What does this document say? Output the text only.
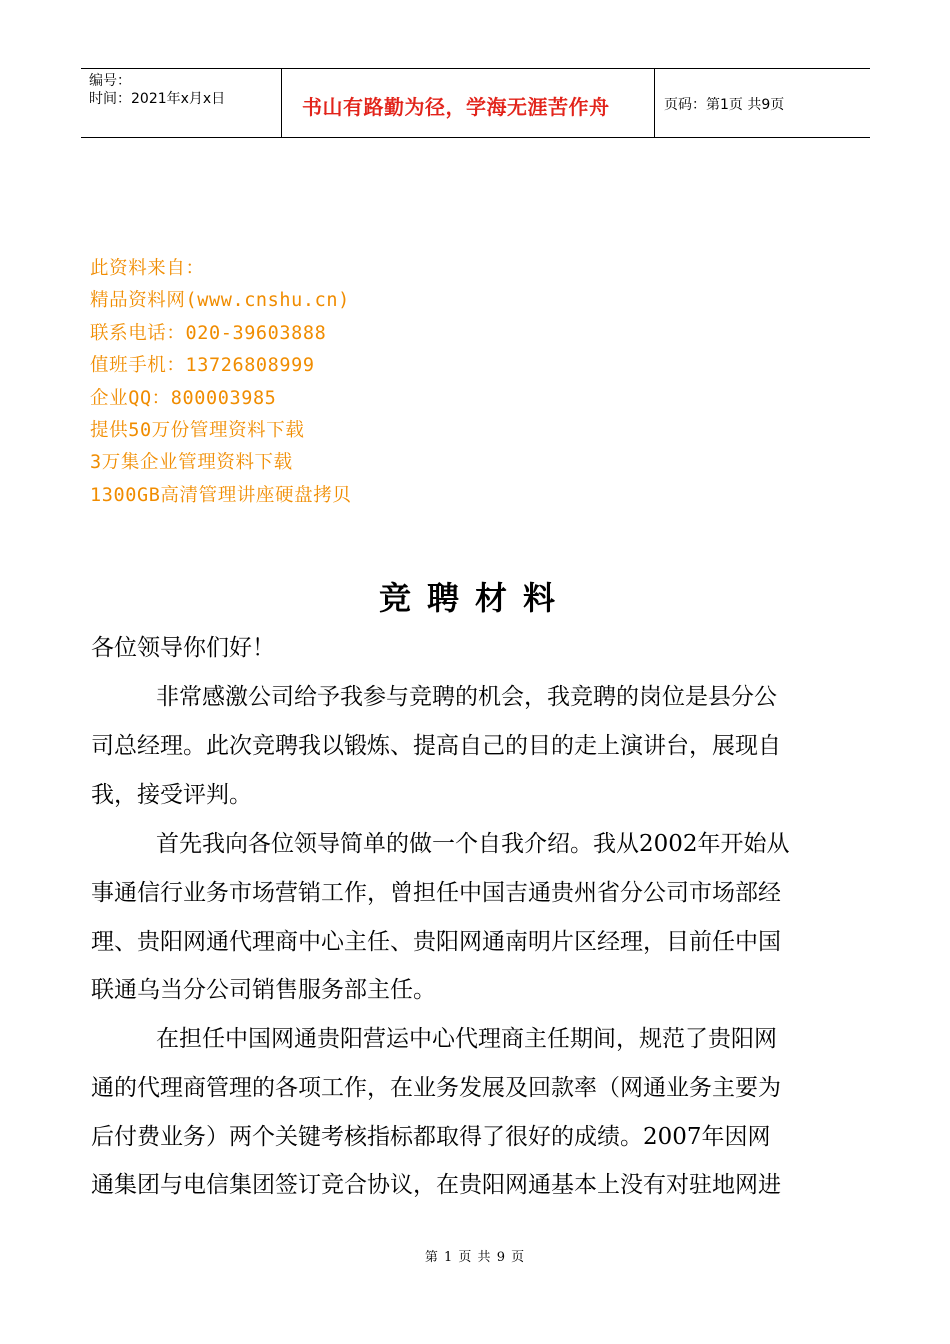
编号：
时间：2021年x月x日	书山有路勤为径，学海无涯苦作舟	页码：第1页 共9页
此资料来自：
精品资料网(www.cnshu.cn)
联系电话：020-39603888
值班手机：13726808999
企业QQ：800003985
提供50万份管理资料下载
3万集企业管理资料下载
1300GB高清管理讲座硬盘拷贝
竞聘材料
各位领导你们好！
非常感激公司给予我参与竞聘的机会，我竞聘的岗位是县分公
司总经理。此次竞聘我以锻炼、提高自己的目的走上演讲台，展现自
我，接受评判。
首先我向各位领导简单的做一个自我介绍。我从2002年开始从
事通信行业务市场营销工作，曾担任中国吉通贵州省分公司市场部经
理、贵阳网通代理商中心主任、贵阳网通南明片区经理，目前任中国
联通乌当分公司销售服务部主任。
在担任中国网通贵阳营运中心代理商主任期间，规范了贵阳网
通的代理商管理的各项工作，在业务发展及回款率（网通业务主要为
后付费业务）两个关键考核指标都取得了很好的成绩。2007年因网
通集团与电信集团签订竞合协议，在贵阳网通基本上没有对驻地网进
第 1 页 共 9 页
